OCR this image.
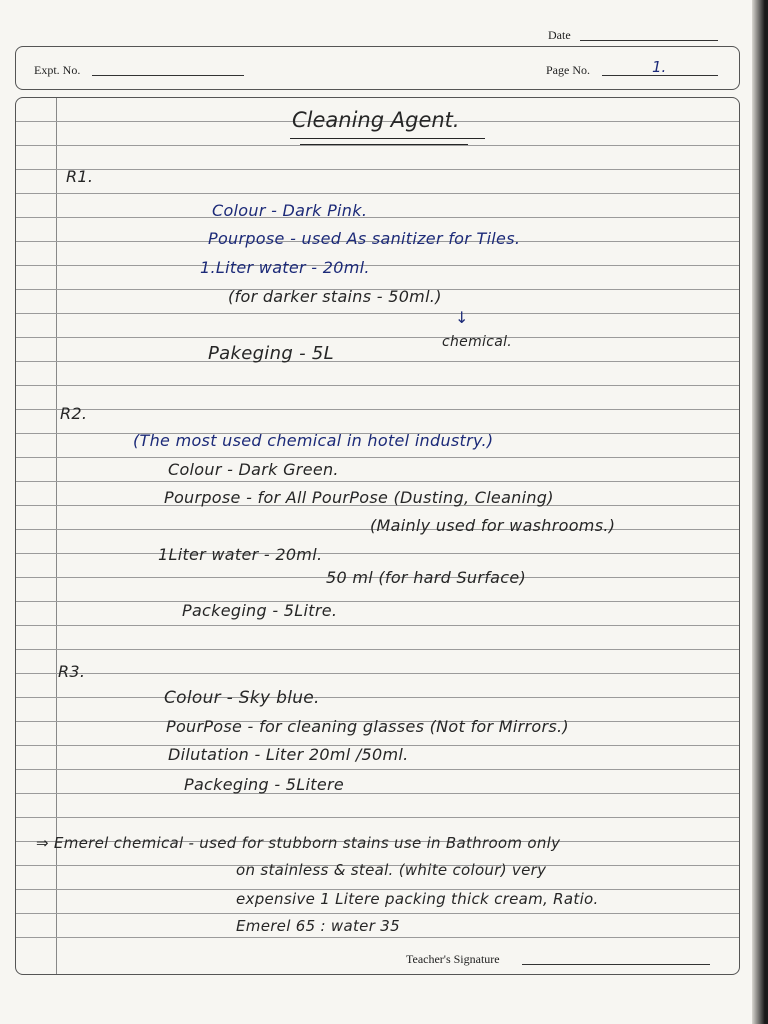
Date
Expt. No.	Page No.	1.
Cleaning Agent.
R1.
Colour - Dark Pink.
Pourpose - used As sanitizer for Tiles.
1.Liter water - 20ml.
(for darker stains - 50ml.)
↓
chemical.
Pakeging - 5L
R2.
(The most used chemical in hotel industry.)
Colour - Dark Green.
Pourpose - for All PourPose (Dusting, Cleaning)
(Mainly used for washrooms.)
1Liter water - 20ml.
50 ml (for hard Surface)
Packeging - 5Litre.
R3.
Colour - Sky blue.
PourPose - for cleaning glasses (Not for Mirrors.)
Dilutation - Liter 20ml /50ml.
Packeging - 5Litere
⇒ Emerel chemical - used for stubborn stains use in Bathroom only
on stainless & steal. (white colour) very
expensive 1 Litere packing thick cream, Ratio.
Emerel 65 : water 35
Teacher's Signature
